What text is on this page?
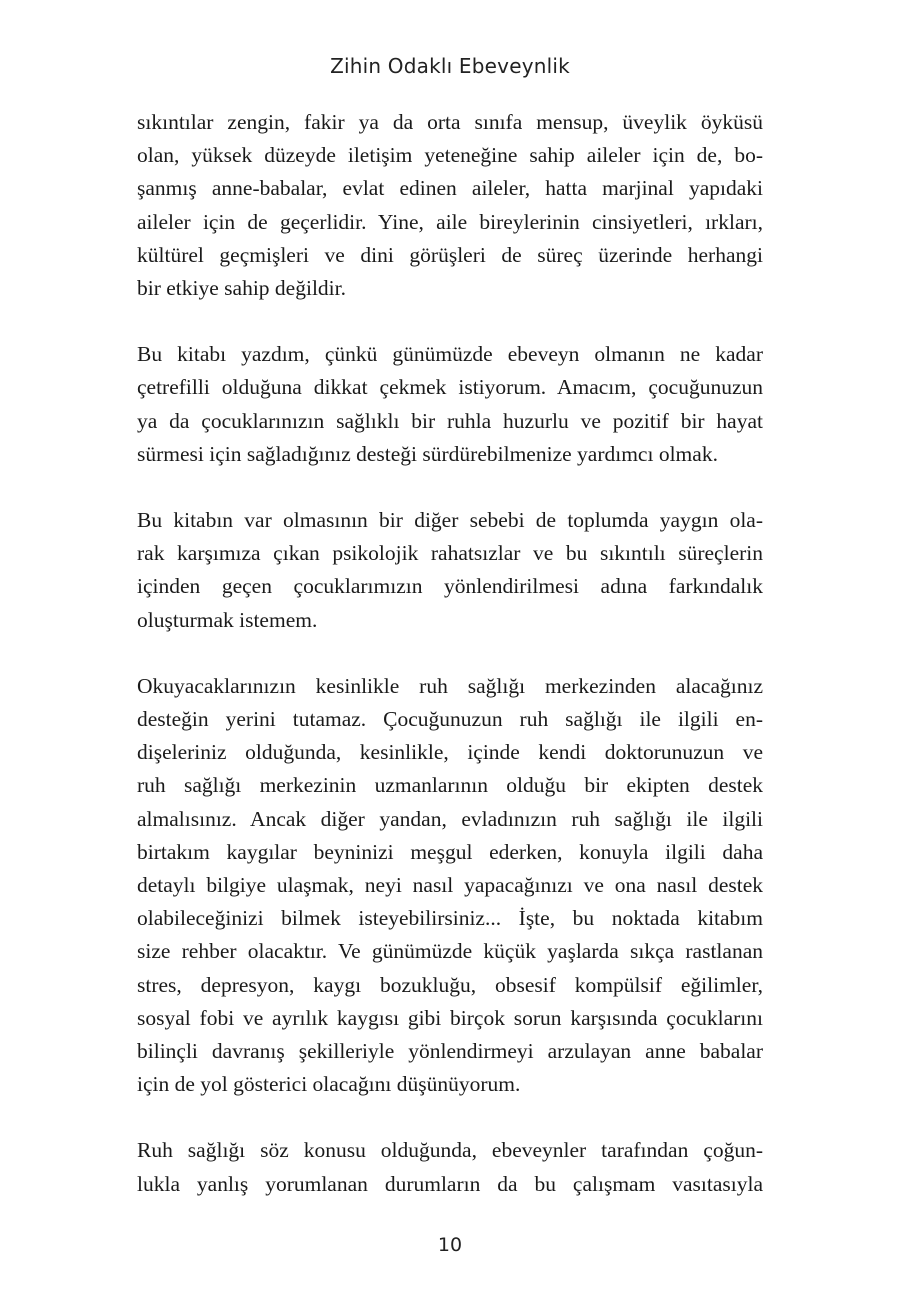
Zihin Odaklı Ebeveynlik

sıkıntılar zengin, fakir ya da orta sınıfa mensup, üveylik öyküsü
olan, yüksek düzeyde iletişim yeteneğine sahip aileler için de, bo-
şanmış anne-babalar, evlat edinen aileler, hatta marjinal yapıdaki
aileler için de geçerlidir. Yine, aile bireylerinin cinsiyetleri, ırkları,
kültürel geçmişleri ve dini görüşleri de süreç üzerinde herhangi
bir etkiye sahip değildir.

Bu kitabı yazdım, çünkü günümüzde ebeveyn olmanın ne kadar
çetrefilli olduğuna dikkat çekmek istiyorum. Amacım, çocuğunuzun
ya da çocuklarınızın sağlıklı bir ruhla huzurlu ve pozitif bir hayat
sürmesi için sağladığınız desteği sürdürebilmenize yardımcı olmak.

Bu kitabın var olmasının bir diğer sebebi de toplumda yaygın ola-
rak karşımıza çıkan psikolojik rahatsızlar ve bu sıkıntılı süreçlerin
içinden geçen çocuklarımızın yönlendirilmesi adına farkındalık
oluşturmak istemem.

Okuyacaklarınızın kesinlikle ruh sağlığı merkezinden alacağınız
desteğin yerini tutamaz. Çocuğunuzun ruh sağlığı ile ilgili en-
dişeleriniz olduğunda, kesinlikle, içinde kendi doktorunuzun ve
ruh sağlığı merkezinin uzmanlarının olduğu bir ekipten destek
almalısınız. Ancak diğer yandan, evladınızın ruh sağlığı ile ilgili
birtakım kaygılar beyninizi meşgul ederken, konuyla ilgili daha
detaylı bilgiye ulaşmak, neyi nasıl yapacağınızı ve ona nasıl destek
olabileceğinizi bilmek isteyebilirsiniz... İşte, bu noktada kitabım
size rehber olacaktır. Ve günümüzde küçük yaşlarda sıkça rastlanan
stres, depresyon, kaygı bozukluğu, obsesif kompülsif eğilimler,
sosyal fobi ve ayrılık kaygısı gibi birçok sorun karşısında çocuklarını
bilinçli davranış şekilleriyle yönlendirmeyi arzulayan anne babalar
için de yol gösterici olacağını düşünüyorum.

Ruh sağlığı söz konusu olduğunda, ebeveynler tarafından çoğun-
lukla yanlış yorumlanan durumların da bu çalışmam vasıtasıyla

10
